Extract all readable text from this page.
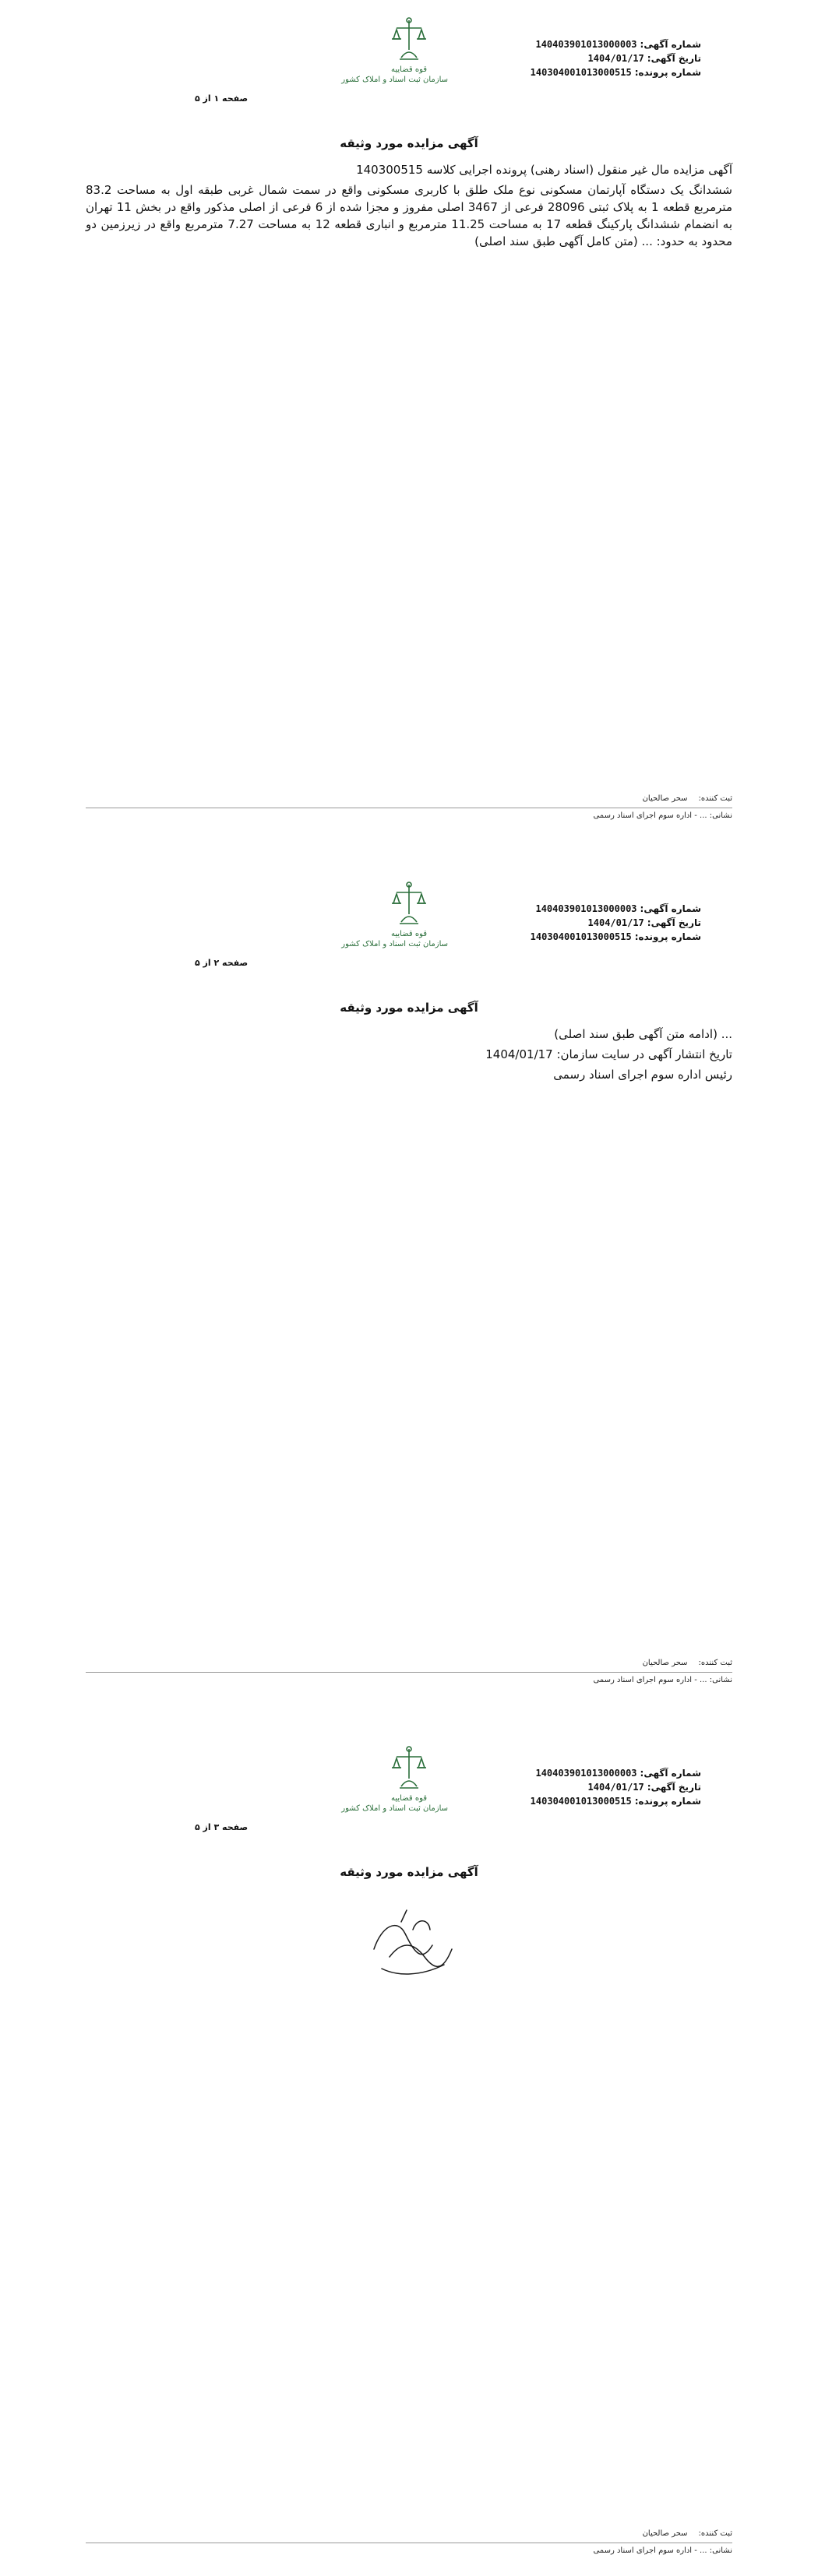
قوه قضاییه
سازمان ثبت اسناد و املاک کشور
شماره آگهی:140403901013000003
تاریخ آگهی:1404/01/17
شماره پرونده:140304001013000515
صفحه ۱ از ۵
آگهی مزایده مورد وثیقه

آگهی مزایده مال غیر منقول (اسناد رهنی) پرونده اجرایی کلاسه 140300515

ششدانگ یک دستگاه آپارتمان مسکونی نوع ملک طلق با کاربری مسکونی واقع در سمت شمال غربی طبقه اول به مساحت 83.2 مترمربع قطعه 1 به پلاک ثبتی 28096 فرعی از 3467 اصلی مفروز و مجزا شده از 6 فرعی از اصلی مذکور واقع در بخش 11 تهران به انضمام ششدانگ پارکینگ قطعه 17 به مساحت 11.25 مترمربع و انباری قطعه 12 به مساحت 7.27 مترمربع واقع در زیرزمین دو محدود به حدود: ... (متن کامل آگهی طبق سند اصلی)

ثبت کننده:
سحر صالحیان
نشانی: ... - اداره سوم اجرای اسناد رسمی
قوه قضاییه
سازمان ثبت اسناد و املاک کشور
شماره آگهی:140403901013000003
تاریخ آگهی:1404/01/17
شماره پرونده:140304001013000515
صفحه ۲ از ۵
آگهی مزایده مورد وثیقه

... (ادامه متن آگهی طبق سند اصلی)

تاریخ انتشار آگهی در سایت سازمان: 1404/01/17

رئیس اداره سوم اجرای اسناد رسمی

ثبت کننده:
سحر صالحیان
نشانی: ... - اداره سوم اجرای اسناد رسمی
قوه قضاییه
سازمان ثبت اسناد و املاک کشور
شماره آگهی:140403901013000003
تاریخ آگهی:1404/01/17
شماره پرونده:140304001013000515
صفحه ۳ از ۵
آگهی مزایده مورد وثیقه
ثبت کننده:
سحر صالحیان
نشانی: ... - اداره سوم اجرای اسناد رسمی
